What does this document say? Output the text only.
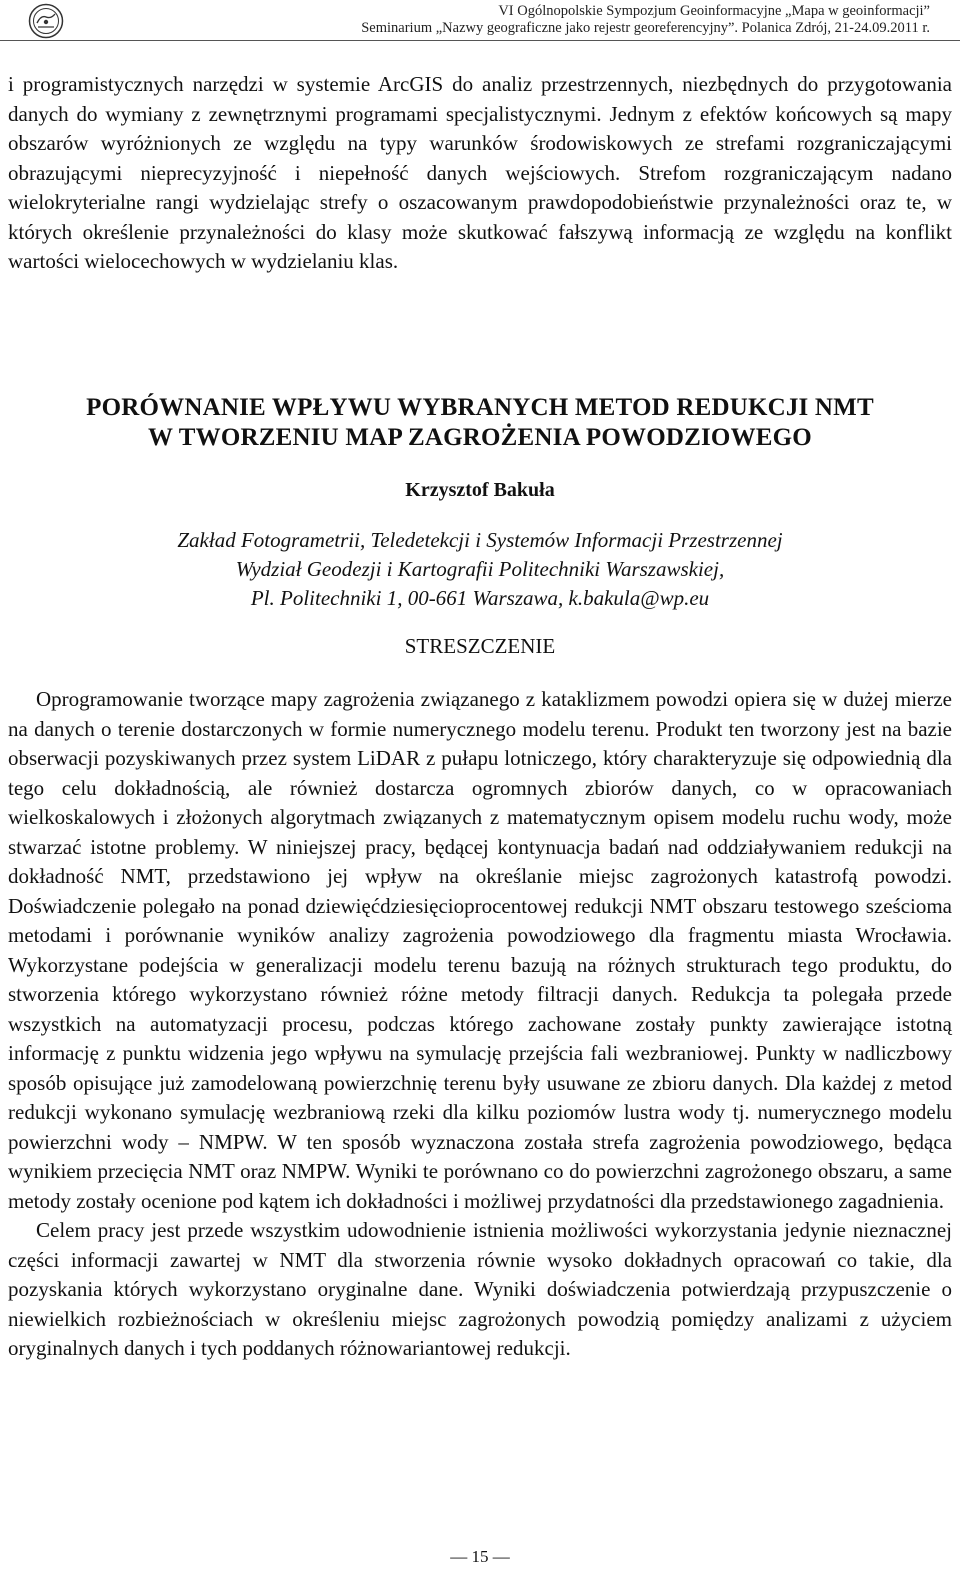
VI Ogólnopolskie Sympozjum Geoinformacyjne „Mapa w geoinformacji”
Seminarium „Nazwy geograficzne jako rejestr georeferencyjny”. Polanica Zdrój, 21-24.09.2011 r.

i programistycznych narzędzi w systemie ArcGIS do analiz przestrzennych, niezbędnych do przygotowania danych do wymiany z zewnętrznymi programami specjalistycznymi. Jednym z efektów końcowych są mapy obszarów wyróżnionych ze względu na typy warunków środowiskowych ze strefami rozgraniczającymi obrazującymi nieprecyzyjność i niepełność danych wejściowych. Strefom rozgraniczającym nadano wielokryterialne rangi wydzielając strefy o oszacowanym prawdopodobieństwie przynależności oraz te, w których określenie przynależności do klasy może skutkować fałszywą informacją ze względu na konflikt wartości wielocechowych w wydzielaniu klas.

PORÓWNANIE WPŁYWU WYBRANYCH METOD REDUKCJI NMT

W TWORZENIU MAP ZAGROŻENIA POWODZIOWEGO

Krzysztof Bakuła

Zakład Fotogrametrii, Teledetekcji i Systemów Informacji Przestrzennej
Wydział Geodezji i Kartografii Politechniki Warszawskiej,
Pl. Politechniki 1, 00-661 Warszawa, k.bakula@wp.eu

STRESZCZENIE

Oprogramowanie tworzące mapy zagrożenia związanego z kataklizmem powodzi opiera się w dużej mierze na danych o terenie dostarczonych w formie numerycznego modelu terenu. Produkt ten tworzony jest na bazie obserwacji pozyskiwanych przez system LiDAR z pułapu lotniczego, który charakteryzuje się odpowiednią dla tego celu dokładnością, ale również dostarcza ogromnych zbiorów danych, co w opracowaniach wielkoskalowych i złożonych algorytmach związanych z matematycznym opisem modelu ruchu wody, może stwarzać istotne problemy. W niniejszej pracy, będącej kontynuacja badań nad oddziaływaniem redukcji na dokładność NMT, przedstawiono jej wpływ na określanie miejsc zagrożonych katastrofą powodzi. Doświadczenie polegało na ponad dziewięćdziesięcioprocentowej redukcji NMT obszaru testowego sześcioma metodami i porównanie wyników analizy zagrożenia powodziowego dla fragmentu miasta Wrocławia. Wykorzystane podejścia w generalizacji modelu terenu bazują na różnych strukturach tego produktu, do stworzenia którego wykorzystano również różne metody filtracji danych. Redukcja ta polegała przede wszystkich na automatyzacji procesu, podczas którego zachowane zostały punkty zawierające istotną informację z punktu widzenia jego wpływu na symulację przejścia fali wezbraniowej. Punkty w nadliczbowy sposób opisujące już zamodelowaną powierzchnię terenu były usuwane ze zbioru danych. Dla każdej z metod redukcji wykonano symulację wezbraniową rzeki dla kilku poziomów lustra wody tj. numerycznego modelu powierzchni wody – NMPW. W ten sposób wyznaczona została strefa zagrożenia powodziowego, będąca wynikiem przecięcia NMT oraz NMPW. Wyniki te porównano co do powierzchni zagrożonego obszaru, a same metody zostały ocenione pod kątem ich dokładności i możliwej przydatności dla przedstawionego zagadnienia.

Celem pracy jest przede wszystkim udowodnienie istnienia możliwości wykorzystania jedynie nieznacznej części informacji zawartej w NMT dla stworzenia równie wysoko dokładnych opracowań co takie, dla pozyskania których wykorzystano oryginalne dane. Wyniki doświadczenia potwierdzają przypuszczenie o niewielkich rozbieżnościach w określeniu miejsc zagrożonych powodzią pomiędzy analizami z użyciem oryginalnych danych i tych poddanych różnowariantowej redukcji.

— 15 —
